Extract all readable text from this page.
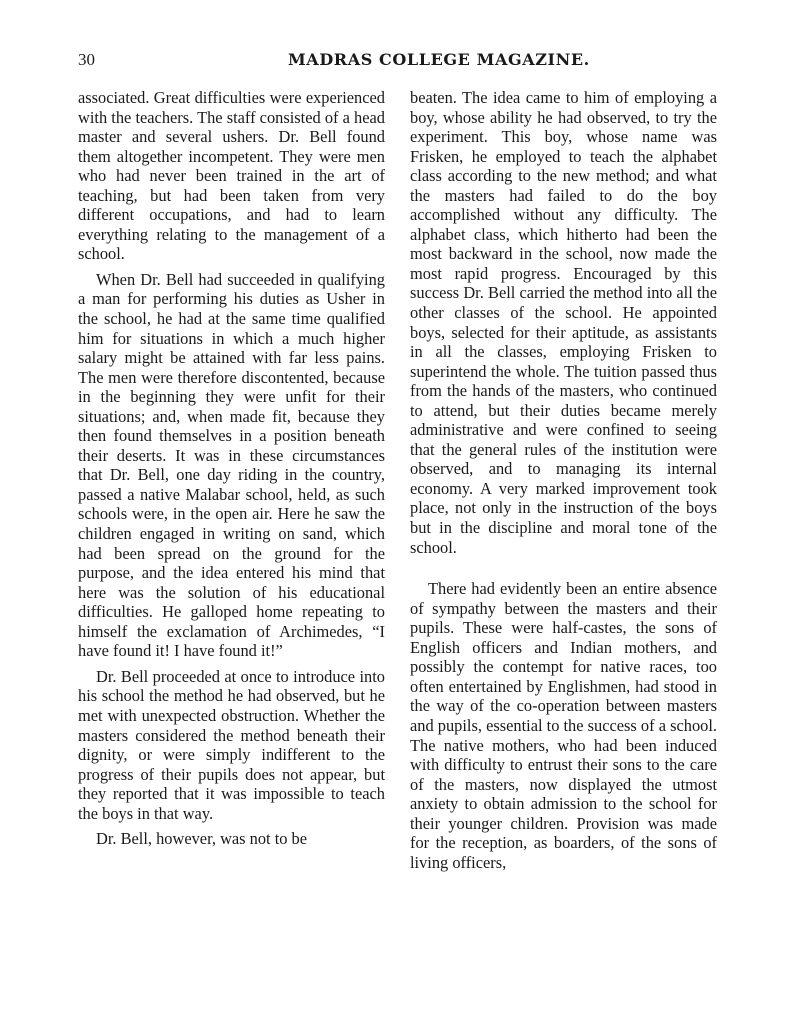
30	MADRAS COLLEGE MAGAZINE.

associated. Great difficulties were experienced with the teachers. The staff consisted of a head master and several ushers. Dr. Bell found them altogether incompetent. They were men who had never been trained in the art of teaching, but had been taken from very different occupations, and had to learn everything relating to the management of a school.

When Dr. Bell had succeeded in qualifying a man for performing his duties as Usher in the school, he had at the same time qualified him for situations in which a much higher salary might be attained with far less pains. The men were therefore discontented, because in the beginning they were unfit for their situations; and, when made fit, because they then found themselves in a position beneath their deserts. It was in these circumstances that Dr. Bell, one day riding in the country, passed a native Malabar school, held, as such schools were, in the open air. Here he saw the children engaged in writing on sand, which had been spread on the ground for the purpose, and the idea entered his mind that here was the solution of his educational difficulties. He galloped home repeating to himself the exclamation of Archimedes, “I have found it! I have found it!”

Dr. Bell proceeded at once to introduce into his school the method he had observed, but he met with unexpected obstruction. Whether the masters considered the method beneath their dignity, or were simply indifferent to the progress of their pupils does not appear, but they reported that it was impossible to teach the boys in that way.

Dr. Bell, however, was not to be

beaten. The idea came to him of employing a boy, whose ability he had observed, to try the experiment. This boy, whose name was Frisken, he employed to teach the alphabet class according to the new method; and what the masters had failed to do the boy accomplished without any difficulty. The alphabet class, which hitherto had been the most backward in the school, now made the most rapid progress. Encouraged by this success Dr. Bell carried the method into all the other classes of the school. He appointed boys, selected for their aptitude, as assistants in all the classes, employing Frisken to superintend the whole. The tuition passed thus from the hands of the masters, who continued to attend, but their duties became merely administrative and were confined to seeing that the general rules of the institution were observed, and to managing its internal economy. A very marked improvement took place, not only in the instruction of the boys but in the discipline and moral tone of the school.

There had evidently been an entire absence of sympathy between the masters and their pupils. These were half-castes, the sons of English officers and Indian mothers, and possibly the contempt for native races, too often entertained by Englishmen, had stood in the way of the co-operation between masters and pupils, essential to the success of a school. The native mothers, who had been induced with difficulty to entrust their sons to the care of the masters, now displayed the utmost anxiety to obtain admission to the school for their younger children. Provision was made for the reception, as boarders, of the sons of living officers,
